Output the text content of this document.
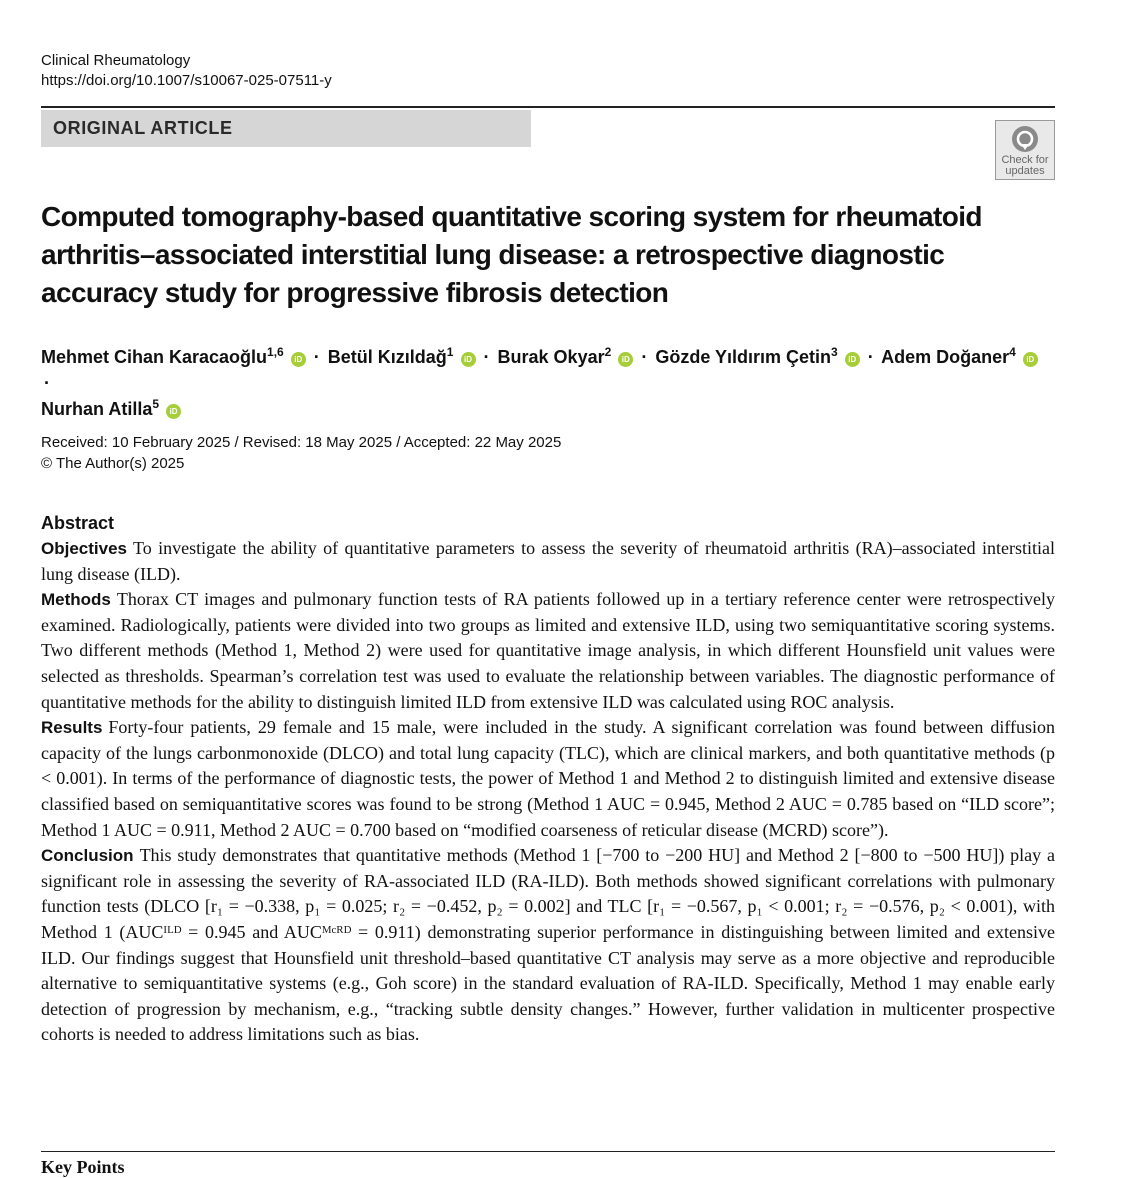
Clinical Rheumatology
https://doi.org/10.1007/s10067-025-07511-y
ORIGINAL ARTICLE
Check for
updates
Computed tomography-based quantitative scoring system for rheumatoid arthritis–associated interstitial lung disease: a retrospective diagnostic accuracy study for progressive fibrosis detection
Mehmet Cihan Karacaoğlu$^{1,6}$ iD · Betül Kızıldağ$^1$ iD · Burak Okyar$^2$ iD · Gözde Yıldırım Çetin$^3$ iD · Adem Doğaner$^4$ iD ·
Nurhan Atilla$^5$ iD
Received: 10 February 2025 / Revised: 18 May 2025 / Accepted: 22 May 2025
© The Author(s) 2025
Abstract

Objectives To investigate the ability of quantitative parameters to assess the severity of rheumatoid arthritis (RA)–associated interstitial lung disease (ILD).

Methods Thorax CT images and pulmonary function tests of RA patients followed up in a tertiary reference center were retrospectively examined. Radiologically, patients were divided into two groups as limited and extensive ILD, using two semiquantitative scoring systems. Two different methods (Method 1, Method 2) were used for quantitative image analysis, in which different Hounsfield unit values were selected as thresholds. Spearman’s correlation test was used to evaluate the relationship between variables. The diagnostic performance of quantitative methods for the ability to distinguish limited ILD from extensive ILD was calculated using ROC analysis.

Results Forty-four patients, 29 female and 15 male, were included in the study. A significant correlation was found between diffusion capacity of the lungs carbonmonoxide (DLCO) and total lung capacity (TLC), which are clinical markers, and both quantitative methods (p < 0.001). In terms of the performance of diagnostic tests, the power of Method 1 and Method 2 to distinguish limited and extensive disease classified based on semiquantitative scores was found to be strong (Method 1 AUC = 0.945, Method 2 AUC = 0.785 based on “ILD score”; Method 1 AUC = 0.911, Method 2 AUC = 0.700 based on “modified coarseness of reticular disease (MCRD) score”).

Conclusion This study demonstrates that quantitative methods (Method 1 [−700 to −200 HU] and Method 2 [−800 to −500 HU]) play a significant role in assessing the severity of RA-associated ILD (RA-ILD). Both methods showed significant correlations with pulmonary function tests (DLCO [r₁ = −0.338, p₁ = 0.025; r₂ = −0.452, p₂ = 0.002] and TLC [r₁ = −0.567, p₁ < 0.001; r₂ = −0.576, p₂ < 0.001), with Method 1 (AUCᴵᴸᴰ = 0.945 and AUCᴹᶜᴿᴰ = 0.911) demonstrating superior performance in distinguishing between limited and extensive ILD. Our findings suggest that Hounsfield unit threshold–based quantitative CT analysis may serve as a more objective and reproducible alternative to semiquantitative systems (e.g., Goh score) in the standard evaluation of RA-ILD. Specifically, Method 1 may enable early detection of progression by mechanism, e.g., “tracking subtle density changes.” However, further validation in multicenter prospective cohorts is needed to address limitations such as bias.

Key Points
